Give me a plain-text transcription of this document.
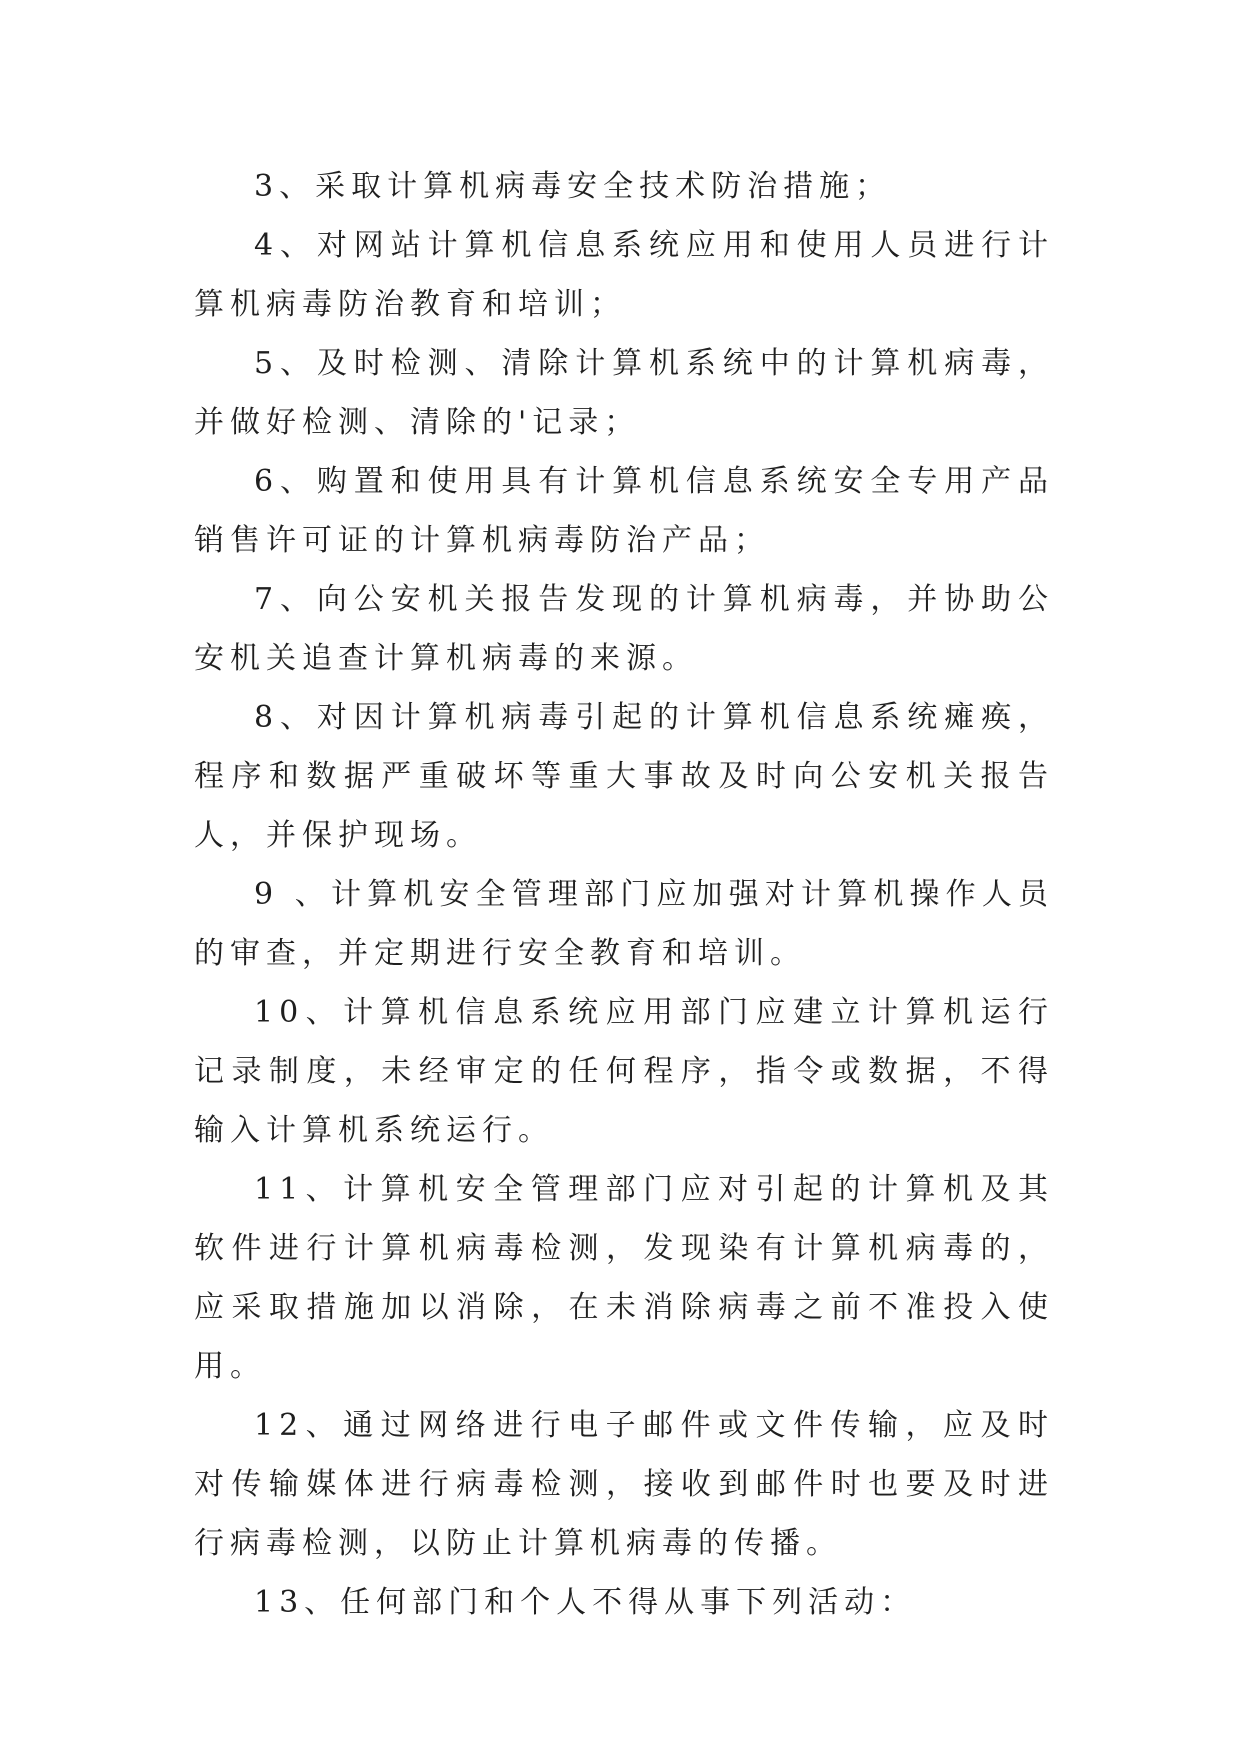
3、采取计算机病毒安全技术防治措施；

4、对网站计算机信息系统应用和使用人员进行计算机病毒防治教育和培训；

5、及时检测、清除计算机系统中的计算机病毒，并做好检测、清除的'记录；

6、购置和使用具有计算机信息系统安全专用产品销售许可证的计算机病毒防治产品；

7、向公安机关报告发现的计算机病毒，并协助公安机关追查计算机病毒的来源。

8、对因计算机病毒引起的计算机信息系统瘫痪，程序和数据严重破坏等重大事故及时向公安机关报告人，并保护现场。

9 、计算机安全管理部门应加强对计算机操作人员的审查，并定期进行安全教育和培训。

10、计算机信息系统应用部门应建立计算机运行记录制度，未经审定的任何程序，指令或数据，不得输入计算机系统运行。

11、计算机安全管理部门应对引起的计算机及其软件进行计算机病毒检测，发现染有计算机病毒的，应采取措施加以消除，在未消除病毒之前不准投入使用。

12、通过网络进行电子邮件或文件传输，应及时对传输媒体进行病毒检测，接收到邮件时也要及时进行病毒检测，以防止计算机病毒的传播。

13、任何部门和个人不得从事下列活动：
